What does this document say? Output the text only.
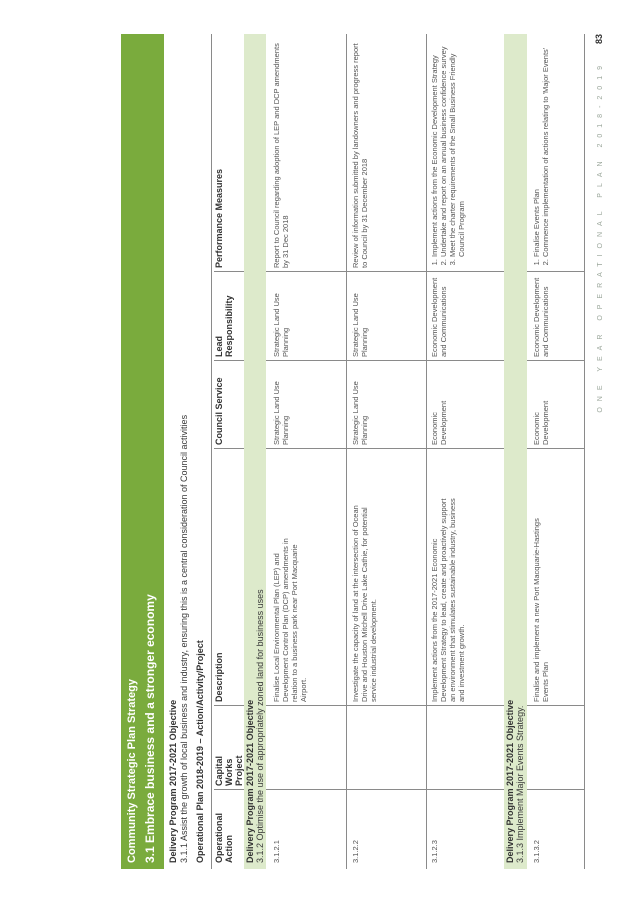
Community Strategic Plan Strategy 3.1 Embrace business and a stronger economy Delivery Program 2017-2021 Objective
3.1.1 Assist the growth of local business and industry, ensuring this is a central consideration of Council activities Operational Plan 2018-2019 – Action/Activity/Project Operational Action
Capital Works Project
Description
Council Service
Lead Responsibility
Performance Measures
Delivery Program 2017-2021 Objective
3.1.2 Optimise the use of appropriately zoned land for business uses 3.1.2.1
Finalise Local Environmental Plan (LEP) and Development Control Plan (DCP) amendments in relation to a business park near Port Macquarie Airport.
Strategic Land Use Planning
Strategic Land Use Planning
Report to Council regarding adoption of LEP and DCP amendments by 31 Dec 2018
3.1.2.2
Investigate the capacity of land at the intersection of Ocean Drive and Houston Mitchell Drive Lake Cathie, for potential service industrial development.
Strategic Land Use Planning
Strategic Land Use Planning
Review of information submitted by landowners and progress report to Council by 31 December 2018
3.1.2.3
Implement actions from the 2017-2021 Economic Development Strategy to lead, create and proactively support an environment that stimulates sustainable industry, business and investment growth.
Economic Development
Economic Development and Communications
1. Implement actions from the Economic Development Strategy 2. Undertake and report on an annual business confidence survey 3. Meet the charter requirements of the Small Business Friendly Council Program
Delivery Program 2017-2021 Objective
3.1.3 Implement Major Events Strategy. 3.1.3.2
Finalise and implement a new Port Macquarie-Hastings Events Plan
Economic Development
Economic Development and Communications
1. Finalise Events Plan 2. Commence implementation of actions relating to 'Major Events'	ONE YEAR OPERATIONAL PLAN 2018-201983
